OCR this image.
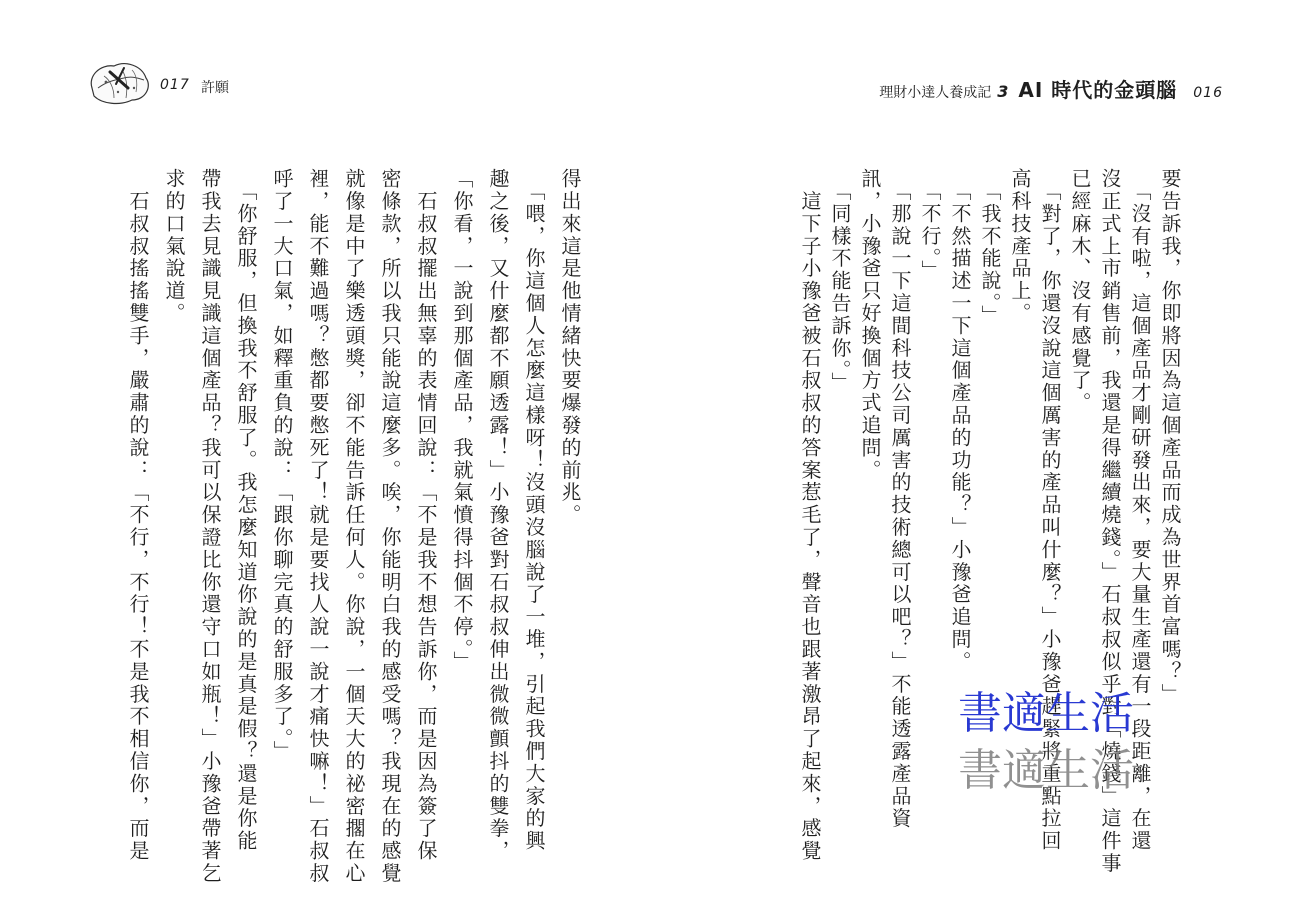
017 許願	理財小達人養成記 3 AI 時代的金頭腦 016
要告訴我，你即將因為這個產品而成為世界首富嗎？」
　「沒有啦，這個產品才剛研發出來，要大量生產還有一段距離，在還
沒正式上市銷售前，我還是得繼續燒錢。」石叔叔似乎對「燒錢」這件事
已經麻木、沒有感覺了。
　「對了，你還沒說這個厲害的產品叫什麼？」小豫爸趕緊將重點拉回
高科技產品上。
　「我不能說。」
　「不然描述一下這個產品的功能？」小豫爸追問。
　「不行。」
　「那說一下這間科技公司厲害的技術總可以吧？」不能透露產品資
訊，小豫爸只好換個方式追問。
　「同樣不能告訴你。」
　這下子小豫爸被石叔叔的答案惹毛了，聲音也跟著激昂了起來，感覺
得出來這是他情緒快要爆發的前兆。
　「喂，你這個人怎麼這樣呀！沒頭沒腦說了一堆，引起我們大家的興
趣之後，又什麼都不願透露！」小豫爸對石叔叔伸出微微顫抖的雙拳，
「你看，一說到那個產品，我就氣憤得抖個不停。」
　石叔叔擺出無辜的表情回說：「不是我不想告訴你，而是因為簽了保
密條款，所以我只能說這麼多。唉，你能明白我的感受嗎？我現在的感覺
就像是中了樂透頭獎，卻不能告訴任何人。你說，一個天大的祕密擱在心
裡，能不難過嗎？憋都要憋死了！就是要找人說一說才痛快嘛！」石叔叔
呼了一大口氣，如釋重負的說：「跟你聊完真的舒服多了。」
　「你舒服，但換我不舒服了。我怎麼知道你說的是真是假？還是你能
帶我去見識見識這個產品？我可以保證比你還守口如瓶！」小豫爸帶著乞
求的口氣說道。
　石叔叔搖搖雙手，嚴肅的說：「不行，不行！不是我不相信你，而是	書適生活
書適生活
